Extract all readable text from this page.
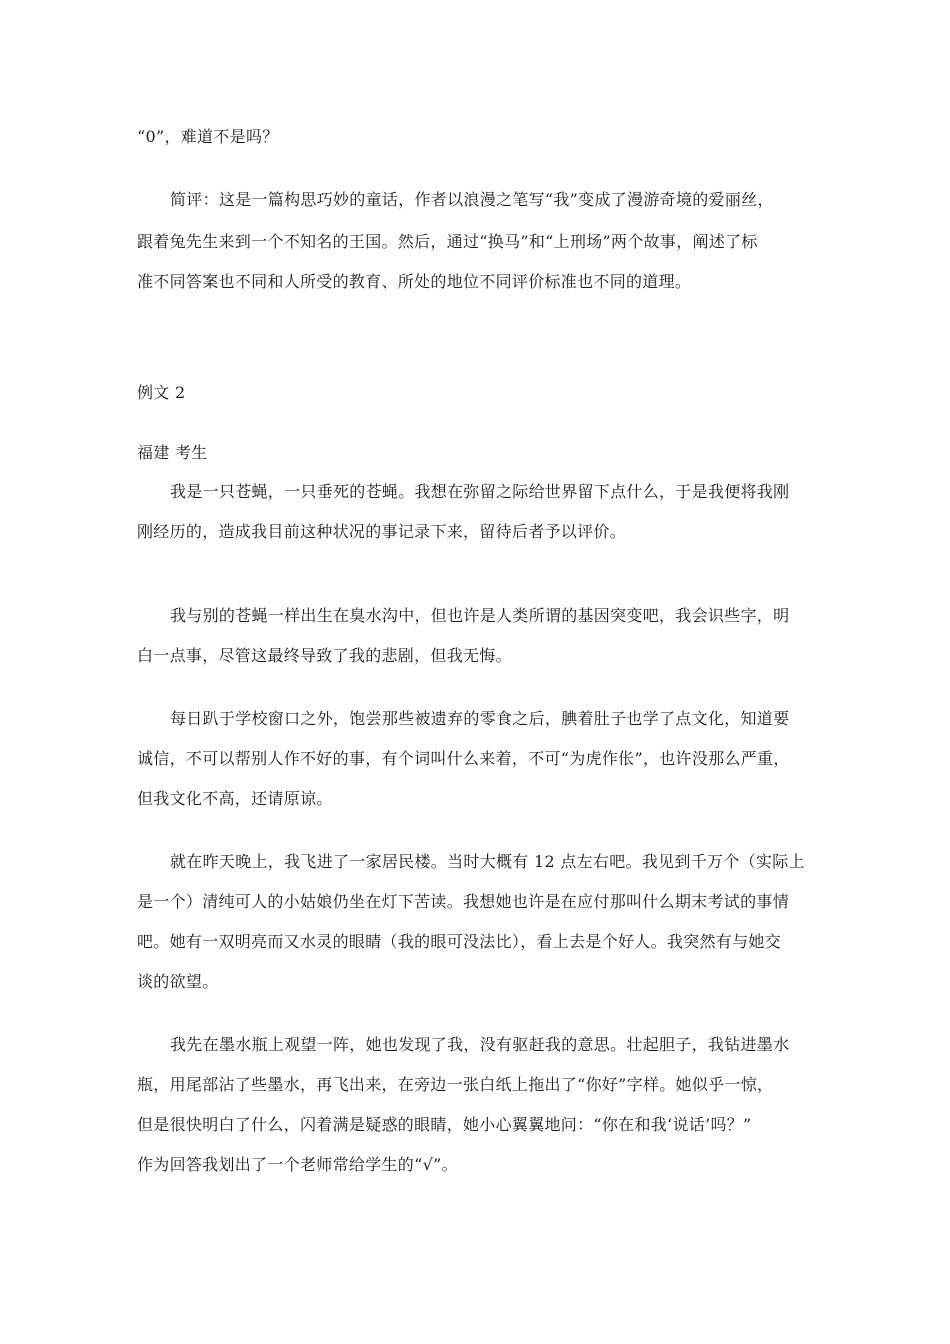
“0”，难道不是吗？
简评：这是一篇构思巧妙的童话，作者以浪漫之笔写“我”变成了漫游奇境的爱丽丝，
跟着兔先生来到一个不知名的王国。然后，通过“换马”和“上刑场”两个故事，阐述了标
准不同答案也不同和人所受的教育、所处的地位不同评价标准也不同的道理。
例文 2
福建 考生
我是一只苍蝇，一只垂死的苍蝇。我想在弥留之际给世界留下点什么，于是我便将我刚
刚经历的，造成我目前这种状况的事记录下来，留待后者予以评价。
我与别的苍蝇一样出生在臭水沟中，但也许是人类所谓的基因突变吧，我会识些字，明
白一点事，尽管这最终导致了我的悲剧，但我无悔。
每日趴于学校窗口之外，饱尝那些被遗弃的零食之后，腆着肚子也学了点文化，知道要
诚信，不可以帮别人作不好的事，有个词叫什么来着，不可“为虎作伥”，也许没那么严重，
但我文化不高，还请原谅。
就在昨天晚上，我飞进了一家居民楼。当时大概有 12 点左右吧。我见到千万个（实际上
是一个）清纯可人的小姑娘仍坐在灯下苦读。我想她也许是在应付那叫什么期末考试的事情
吧。她有一双明亮而又水灵的眼睛（我的眼可没法比），看上去是个好人。我突然有与她交
谈的欲望。
我先在墨水瓶上观望一阵，她也发现了我，没有驱赶我的意思。壮起胆子，我钻进墨水
瓶，用尾部沾了些墨水，再飞出来，在旁边一张白纸上拖出了“你好”字样。她似乎一惊，
但是很快明白了什么，闪着满是疑惑的眼睛，她小心翼翼地问：“你在和我‘说话’吗？”
作为回答我划出了一个老师常给学生的“√”。
